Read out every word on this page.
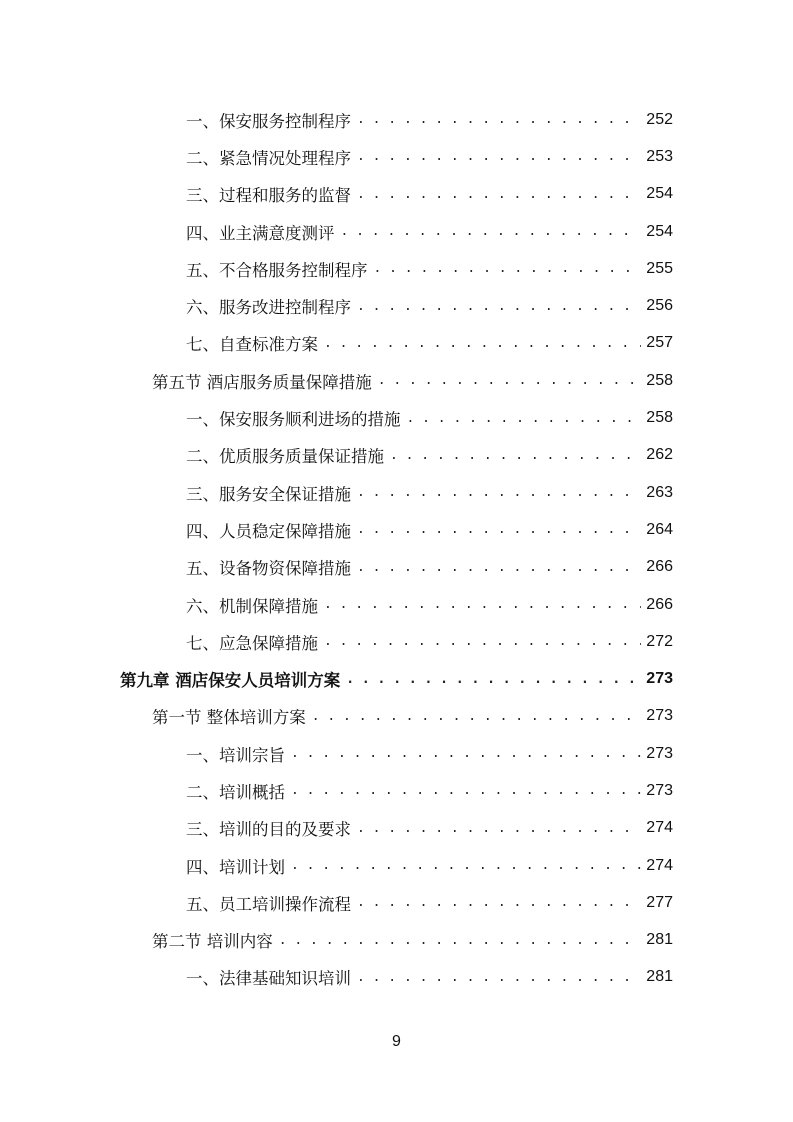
一、保安服务控制程序 . . .	252
二、紧急情况处理程序 . . .	253
三、过程和服务的监督 . . .	254
四、业主满意度测评 . . .	254
五、不合格服务控制程序 . . .	255
六、服务改进控制程序 . . .	256
七、自查标准方案 . . .	257
第五节 酒店服务质量保障措施 . . .	258
一、保安服务顺利进场的措施 . . .	258
二、优质服务质量保证措施 . . .	262
三、服务安全保证措施 . . .	263
四、人员稳定保障措施 . . .	264
五、设备物资保障措施 . . .	266
六、机制保障措施 . . .	266
七、应急保障措施 . . .	272
第九章 酒店保安人员培训方案 . . .	273
第一节 整体培训方案 . . .	273
一、培训宗旨 . . .	273
二、培训概括 . . .	273
三、培训的目的及要求 . . .	274
四、培训计划 . . .	274
五、员工培训操作流程 . . .	277
第二节 培训内容 . . .	281
一、法律基础知识培训 . . .	281
9
